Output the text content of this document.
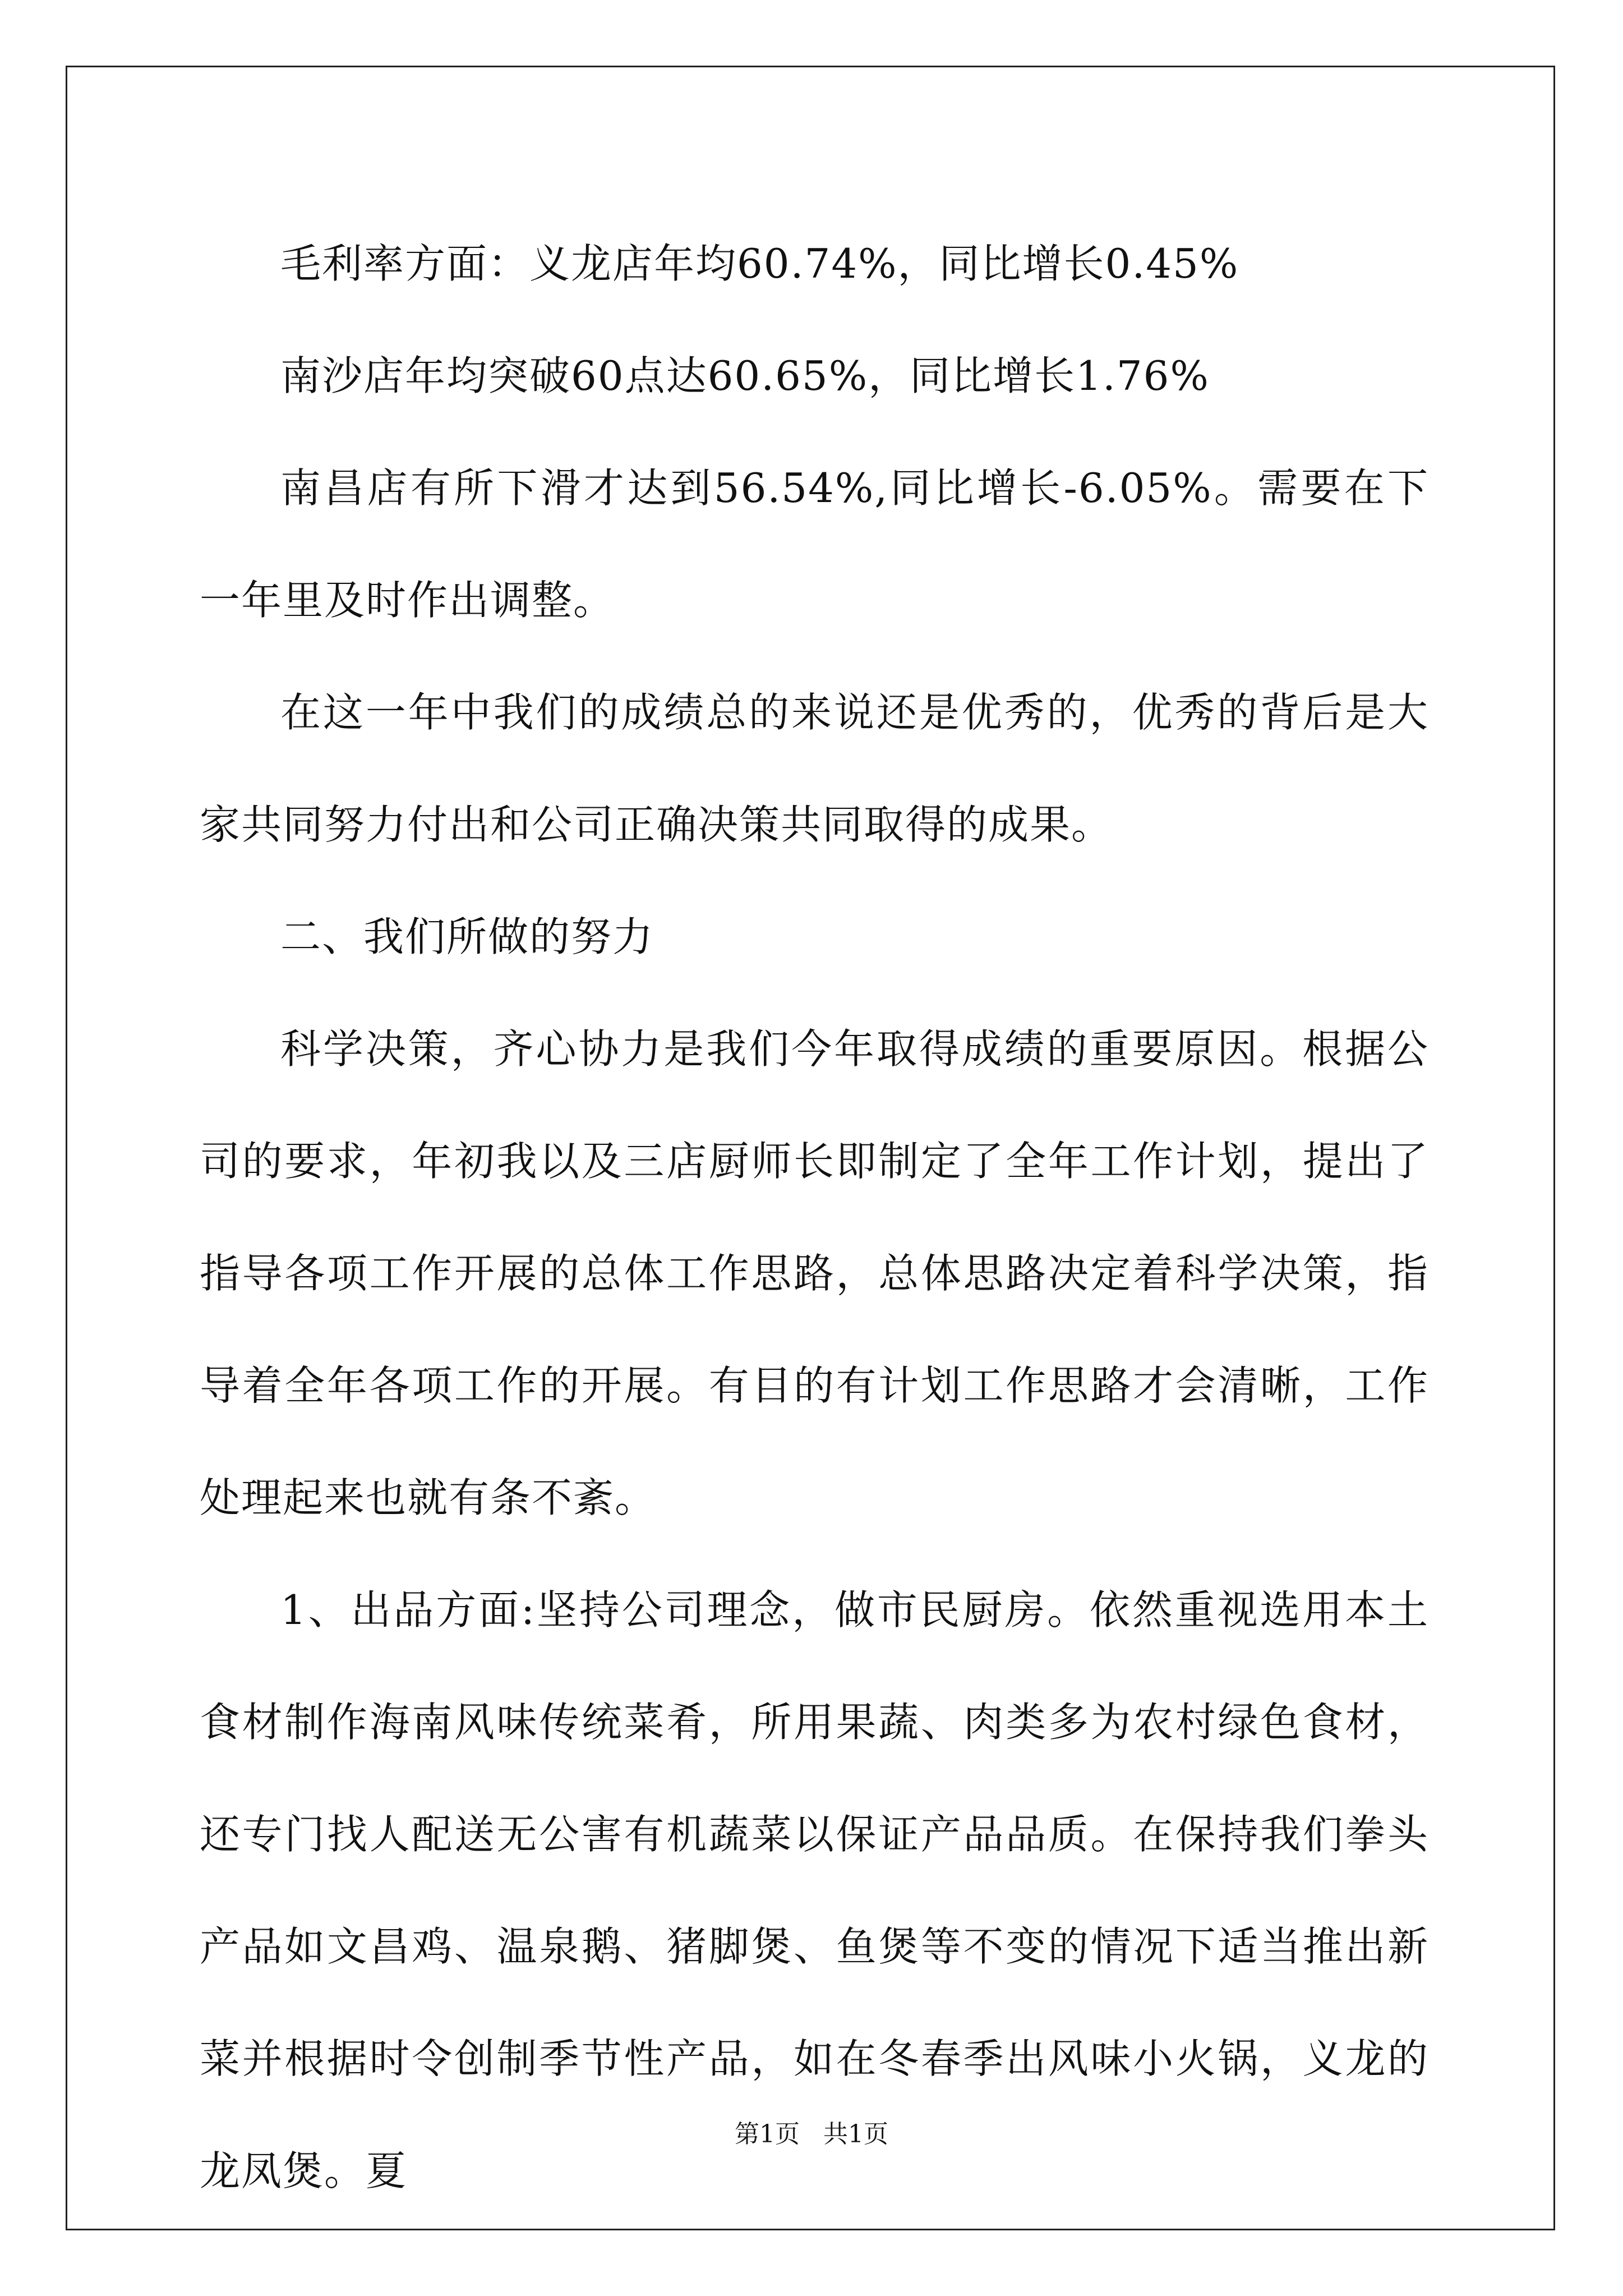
毛利率方面：义龙店年均60.74%，同比增长0.45%

南沙店年均突破60点达60.65%，同比增长1.76%

南昌店有所下滑才达到56.54%,同比增长-6.05%。需要在下一年里及时作出调整。

在这一年中我们的成绩总的来说还是优秀的，优秀的背后是大家共同努力付出和公司正确决策共同取得的成果。

二、我们所做的努力

科学决策，齐心协力是我们今年取得成绩的重要原因。根据公司的要求，年初我以及三店厨师长即制定了全年工作计划，提出了指导各项工作开展的总体工作思路，总体思路决定着科学决策，指导着全年各项工作的开展。有目的有计划工作思路才会清晰，工作处理起来也就有条不紊。

1、出品方面:坚持公司理念，做市民厨房。依然重视选用本土食材制作海南风味传统菜肴，所用果蔬、肉类多为农村绿色食材，还专门找人配送无公害有机蔬菜以保证产品品质。在保持我们拳头产品如文昌鸡、温泉鹅、猪脚煲、鱼煲等不变的情况下适当推出新菜并根据时令创制季节性产品，如在冬春季出风味小火锅，义龙的龙凤煲。夏

第1页 共1页
